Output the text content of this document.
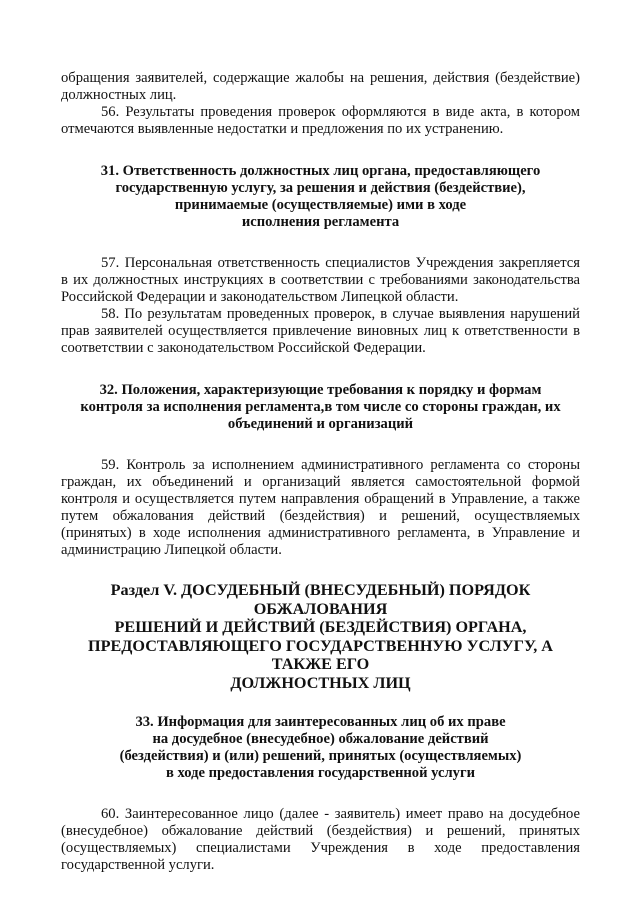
обращения заявителей, содержащие жалобы на решения, действия (бездействие) должностных лиц.

56. Результаты проведения проверок оформляются в виде акта, в котором отмечаются выявленные недостатки и предложения по их устранению.

31. Ответственность должностных лиц органа, предоставляющего
государственную услугу, за решения и действия (бездействие),
принимаемые (осуществляемые) ими в ходе
исполнения регламента

57. Персональная ответственность специалистов Учреждения закрепляется в их должностных инструкциях в соответствии с требованиями законодательства Российской Федерации и законодательством Липецкой области.

58. По результатам проведенных проверок, в случае выявления нарушений прав заявителей осуществляется привлечение виновных лиц к ответственности в соответствии с законодательством Российской Федерации.

32. Положения, характеризующие требования к порядку и формам
контроля за исполнения регламента,в том числе со стороны граждан, их
объединений и организаций

59. Контроль за исполнением административного регламента со стороны граждан, их объединений и организаций является самостоятельной формой контроля и осуществляется путем направления обращений в Управление, а также путем обжалования действий (бездействия) и решений, осуществляемых (принятых) в ходе исполнения административного регламента, в Управление и администрацию Липецкой области.

Раздел V. ДОСУДЕБНЫЙ (ВНЕСУДЕБНЫЙ) ПОРЯДОК
ОБЖАЛОВАНИЯ
РЕШЕНИЙ И ДЕЙСТВИЙ (БЕЗДЕЙСТВИЯ) ОРГАНА,
ПРЕДОСТАВЛЯЮЩЕГО ГОСУДАРСТВЕННУЮ УСЛУГУ, А ТАКЖЕ ЕГО
ДОЛЖНОСТНЫХ ЛИЦ
33. Информация для заинтересованных лиц об их праве
на досудебное (внесудебное) обжалование действий
(бездействия) и (или) решений, принятых (осуществляемых)
в ходе предоставления государственной услуги

60. Заинтересованное лицо (далее - заявитель) имеет право на досудебное (внесудебное) обжалование действий (бездействия) и решений, принятых (осуществляемых) специалистами Учреждения в ходе предоставления государственной услуги.
